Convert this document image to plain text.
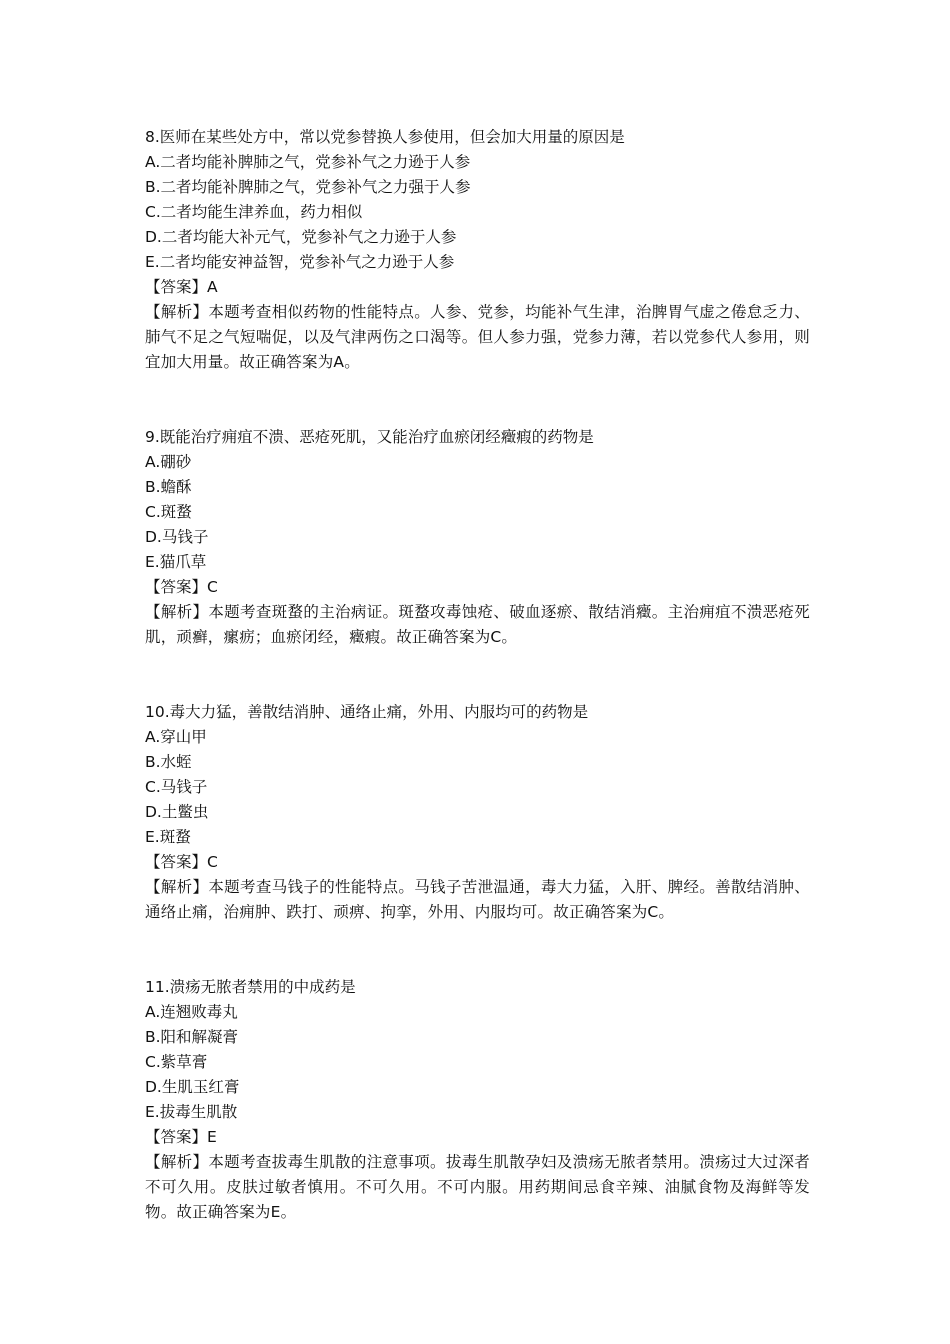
8.医师在某些处方中，常以党参替换人参使用，但会加大用量的原因是

A.二者均能补脾肺之气，党参补气之力逊于人参

B.二者均能补脾肺之气，党参补气之力强于人参

C.二者均能生津养血，药力相似

D.二者均能大补元气，党参补气之力逊于人参

E.二者均能安神益智，党参补气之力逊于人参

【答案】A

【解析】本题考查相似药物的性能特点。人参、党参，均能补气生津，治脾胃气虚之倦怠乏力、肺气不足之气短喘促，以及气津两伤之口渴等。但人参力强，党参力薄，若以党参代人参用，则宜加大用量。故正确答案为A。

9.既能治疗痈疽不溃、恶疮死肌，又能治疗血瘀闭经癥瘕的药物是

A.硼砂

B.蟾酥

C.斑蝥

D.马钱子

E.猫爪草

【答案】C

【解析】本题考查斑蝥的主治病证。斑蝥攻毒蚀疮、破血逐瘀、散结消癥。主治痈疽不溃恶疮死肌，顽癣，瘰疬；血瘀闭经，癥瘕。故正确答案为C。

10.毒大力猛，善散结消肿、通络止痛，外用、内服均可的药物是

A.穿山甲

B.水蛭

C.马钱子

D.土鳖虫

E.斑蝥

【答案】C

【解析】本题考查马钱子的性能特点。马钱子苦泄温通，毒大力猛，入肝、脾经。善散结消肿、通络止痛，治痈肿、跌打、顽痹、拘挛，外用、内服均可。故正确答案为C。

11.溃疡无脓者禁用的中成药是

A.连翘败毒丸

B.阳和解凝膏

C.紫草膏

D.生肌玉红膏

E.拔毒生肌散

【答案】E

【解析】本题考查拔毒生肌散的注意事项。拔毒生肌散孕妇及溃疡无脓者禁用。溃疡过大过深者不可久用。皮肤过敏者慎用。不可久用。不可内服。用药期间忌食辛辣、油腻食物及海鲜等发物。故正确答案为E。
